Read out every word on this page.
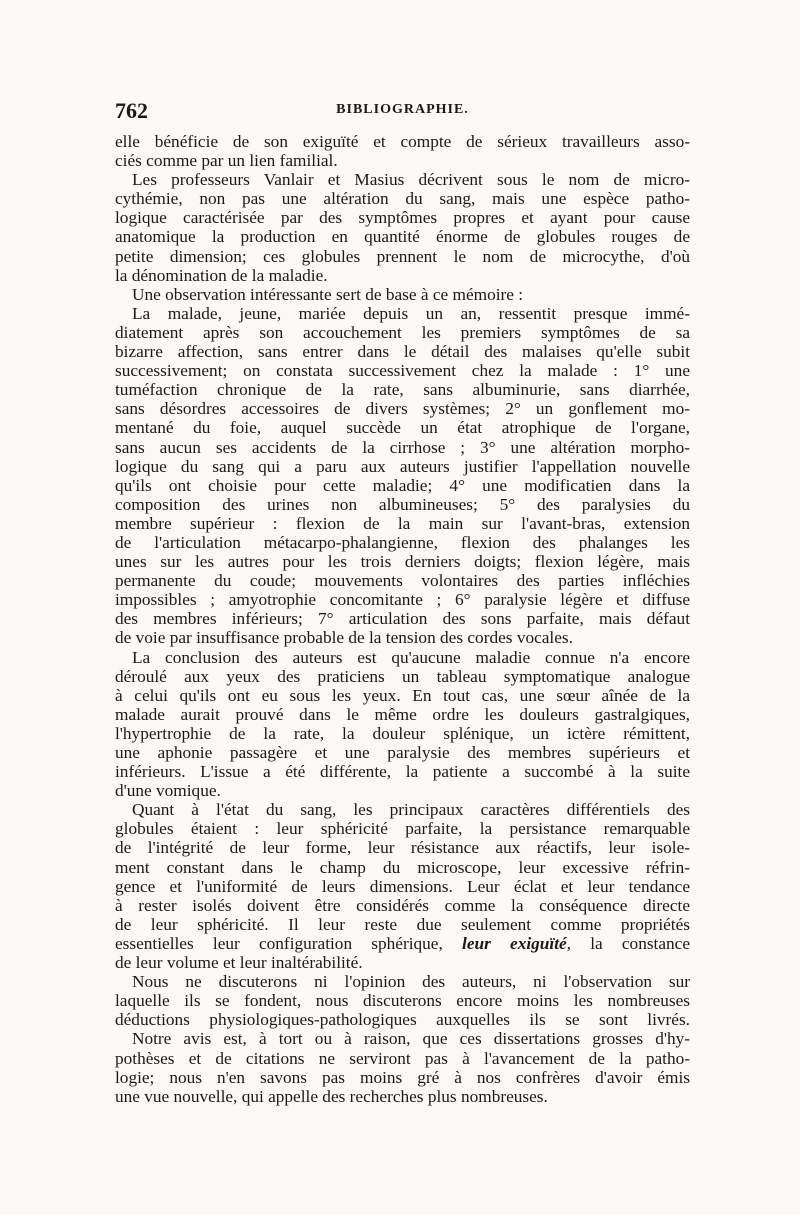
762	BIBLIOGRAPHIE.
elle bénéficie de son exiguïté et compte de sérieux travailleurs asso-
ciés comme par un lien familial.
Les professeurs Vanlair et Masius décrivent sous le nom de micro-
cythémie, non pas une altération du sang, mais une espèce patho-
logique caractérisée par des symptômes propres et ayant pour cause
anatomique la production en quantité énorme de globules rouges de
petite dimension; ces globules prennent le nom de microcythe, d'où
la dénomination de la maladie.
Une observation intéressante sert de base à ce mémoire :
La malade, jeune, mariée depuis un an, ressentit presque immé-
diatement après son accouchement les premiers symptômes de sa
bizarre affection, sans entrer dans le détail des malaises qu'elle subit
successivement; on constata successivement chez la malade : 1° une
tuméfaction chronique de la rate, sans albuminurie, sans diarrhée,
sans désordres accessoires de divers systèmes; 2° un gonflement mo-
mentané du foie, auquel succède un état atrophique de l'organe,
sans aucun ses accidents de la cirrhose ; 3° une altération morpho-
logique du sang qui a paru aux auteurs justifier l'appellation nouvelle
qu'ils ont choisie pour cette maladie; 4° une modificatien dans la
composition des urines non albumineuses; 5° des paralysies du
membre supérieur : flexion de la main sur l'avant-bras, extension
de l'articulation métacarpo-phalangienne, flexion des phalanges les
unes sur les autres pour les trois derniers doigts; flexion légère, mais
permanente du coude; mouvements volontaires des parties infléchies
impossibles ; amyotrophie concomitante ; 6° paralysie légère et diffuse
des membres inférieurs; 7° articulation des sons parfaite, mais défaut
de voie par insuffisance probable de la tension des cordes vocales.
La conclusion des auteurs est qu'aucune maladie connue n'a encore
déroulé aux yeux des praticiens un tableau symptomatique analogue
à celui qu'ils ont eu sous les yeux. En tout cas, une sœur aînée de la
malade aurait prouvé dans le même ordre les douleurs gastralgiques,
l'hypertrophie de la rate, la douleur splénique, un ictère rémittent,
une aphonie passagère et une paralysie des membres supérieurs et
inférieurs. L'issue a été différente, la patiente a succombé à la suite
d'une vomique.
Quant à l'état du sang, les principaux caractères différentiels des
globules étaient : leur sphéricité parfaite, la persistance remarquable
de l'intégrité de leur forme, leur résistance aux réactifs, leur isole-
ment constant dans le champ du microscope, leur excessive réfrin-
gence et l'uniformité de leurs dimensions. Leur éclat et leur tendance
à rester isolés doivent être considérés comme la conséquence directe
de leur sphéricité. Il leur reste due seulement comme propriétés
essentielles leur configuration sphérique, leur exiguïté, la constance
de leur volume et leur inaltérabilité.
Nous ne discuterons ni l'opinion des auteurs, ni l'observation sur
laquelle ils se fondent, nous discuterons encore moins les nombreuses
déductions physiologiques-pathologiques auxquelles ils se sont livrés.
Notre avis est, à tort ou à raison, que ces dissertations grosses d'hy-
pothèses et de citations ne serviront pas à l'avancement de la patho-
logie; nous n'en savons pas moins gré à nos confrères d'avoir émis
une vue nouvelle, qui appelle des recherches plus nombreuses.
